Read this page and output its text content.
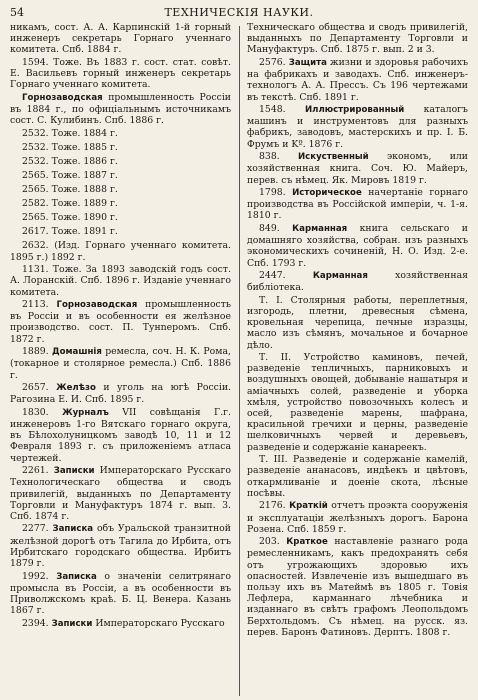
54	ТЕХНИЧЕСКІЯ НАУКИ.
никамъ, сост. А. А. Карпинскій 1-й горный инженеръ секретарь Горнаго ученнаго комитета. Спб. 1884 г.
1594. Тоже. Въ 1883 г. сост. стат. совѣт. Е. Васильевъ горный инженеръ секретарь Горнаго ученнаго комитета.
Горнозаводская промышленность Россіи въ 1884 г., по офиціальнымъ источникамъ сост. С. Кулибинъ. Спб. 1886 г.
2532. Тоже. 1884 г.
2532. Тоже. 1885 г.
2532. Тоже. 1886 г.
2565. Тоже. 1887 г.
2565. Тоже. 1888 г.
2582. Тоже. 1889 г.
2565. Тоже. 1890 г.
2617. Тоже. 1891 г.
2632. (Изд. Горнаго ученнаго комитета. 1895 г.) 1892 г.
1131. Тоже. За 1893 заводскій годъ сост. А. Лоранскій. Спб. 1896 г. Изданіе ученнаго комитета.
2113. Горнозаводская промышленность въ Россіи и въ особенности ея желѣзное производство. сост. П. Тунneрoмъ. Спб. 1872 г.
1889. Домашнія ремесла, соч. Н. К. Рома, (токарное и столярное ремесла.) Спб. 1886 г.
2657. Желѣзо и уголь на югѣ Россіи. Рагозина Е. И. Спб. 1895 г.
1830. Журналъ VII совѣщанія Г.г. инженеровъ 1-го Вятскаго горнаго округа, въ Бѣлохолуницкомъ заводѣ 10, 11 и 12 Февраля 1893 г. съ приложеніемъ атласа чертежей.
2261. Записки Императорскаго Русскаго Технологическаго общества и сводъ привилегій, выданныхъ по Департаменту Торговли и Мануфактуръ 1874 г. вып. 3. Спб. 1874 г.
2277. Записка объ Уральской транзитной желѣзной дорогѣ отъ Тагила до Ирбита, отъ Ирбитскаго городскаго общества. Ирбитъ 1879 г.
1992. Записка о значеніи селитрянаго промысла въ Россіи, а въ особенности въ Приволжскомъ краѣ. Б. Ц. Венера. Казань 1867 г.
2394. Записки Императорскаго Русскаго
Техническаго общества и сводъ привилегій, выданныхъ по Департаменту Торговли и Мануфактуръ. Спб. 1875 г. вып. 2 и 3.
2576. Защита жизни и здоровья рабочихъ на фабрикахъ и заводахъ. Спб. инженеръ-технологъ А. А. Прессъ. Съ 196 чертежами въ текстѣ. Спб. 1891 г.
1548. Иллюстрированный каталогъ машинъ и инструментовъ для разныхъ фабрикъ, заводовъ, мастерскихъ и пр. І. Б. Фрумъ и Kº. 1876 г.
838. Искуственный экономъ, или хозяйственная книга. Соч. Ю. Майеръ, перев. съ нѣмец. Як. Мировъ 1819 г.
1798. Историческое начертаніе горнаго производства въ Россійской имперіи, ч. 1-я. 1810 г.
849. Карманная книга сельскаго и домашняго хозяйства, собран. изъ разныхъ экономическихъ сочиненій, Н. О. Изд. 2-е. Спб. 1793 г.
2447.	Карманная	хозяйственная библіотека.
Т. І. Столярныя работы, переплетныя, изгородь, плетни, древесныя сѣмена, кровельная черепица, печные изразцы, масло изъ сѣмянъ, мочальное и бочарное дѣло.
Т. ІІ. Устройство каминовъ, печей, разведеніе тепличныхъ, парниковыхъ и воздушныхъ овощей, добываніе нашатыря и амiачныхъ солей, разведеніе и уборка хмѣля, устройство повозочныхъ колесъ и осей, разведеніе марены, шафрана, красильной гречихи и церны, разведеніе шелковичныхъ червей и деревьевъ, разведеніе и содержаніе канареекъ.
Т. ІІІ. Разведеніе и содержаніе камелій, разведеніе ананасовъ, индѣекъ и цвѣтовъ, откармливаніе и доеніе скота, лѣсные посѣвы.
2176. Краткій отчетъ проэкта сооруженія и эксплуатаціи желѣзныхъ дорогъ. Барона Розена. Спб. 1859 г.
203. Краткое наставленіе разнаго рода ремесленникамъ, какъ предохранять себя отъ угрожающихъ здоровью ихъ опасностей. Извлеченіе изъ вышедшаго въ пользу ихъ въ Матеймѣ въ 1805 г. Товія Лефлера, карманнаго лѣчебника и изданнаго въ свѣтъ графомъ Леопольдомъ Берхтольдомъ. Съ нѣмец. на русск. яз. перев. Баронъ Фатиновъ. Дерптъ. 1808 г.
